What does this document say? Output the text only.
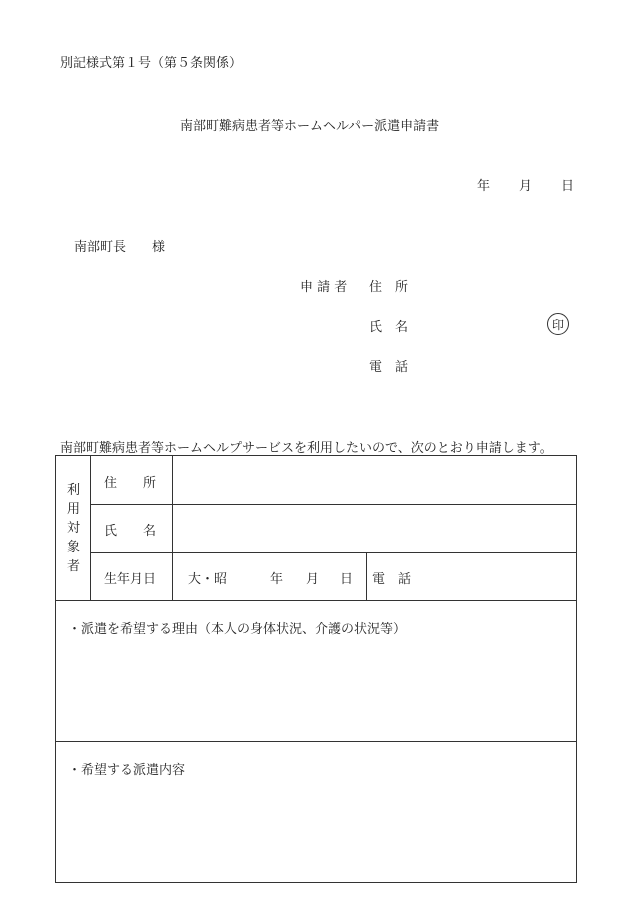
別記様式第１号（第５条関係）
南部町難病患者等ホームヘルパー派遣申請書
年 月 日
南部町長　　様
申 請 者 住　所
氏　名	印
電　話
南部町難病患者等ホームヘルプサービスを利用したいので、次のとおり申請します。
利
用
対
象
者
住　　所
氏　　名
生年月日 大・昭	年 月 日 電　話
・派遣を希望する理由（本人の身体状況、介護の状況等）
・希望する派遣内容
